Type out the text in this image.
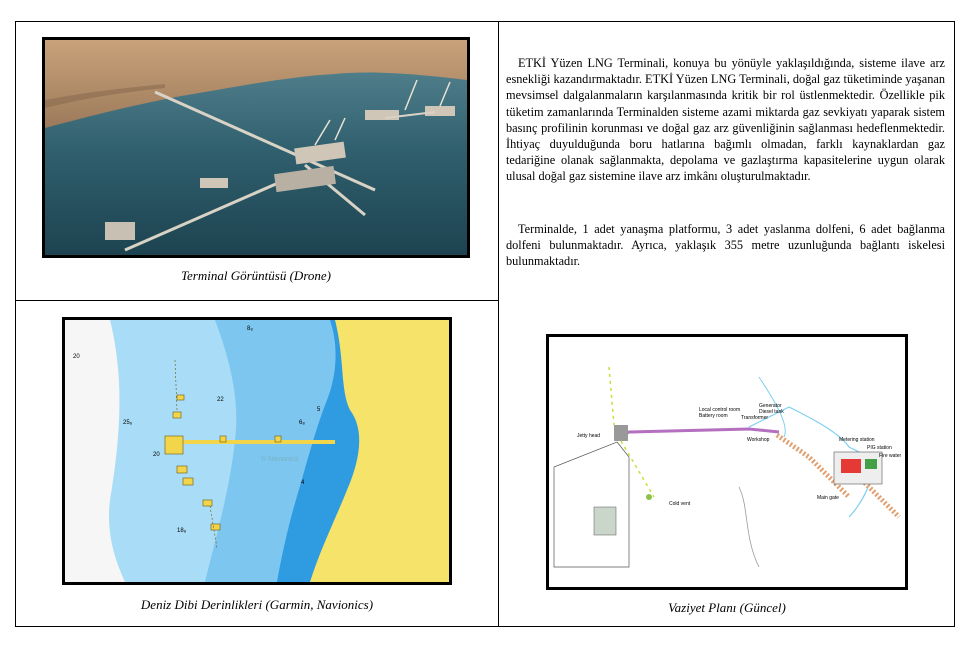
Terminal Görüntüsü (Drone)
20
25₈
20
22
18₈
8₈
6₈
5
4
© Navionics
Deniz Dibi Derinlikleri (Garmin, Navionics)

ETKİ Yüzen LNG Terminali, konuya bu yönüyle yaklaşıldığında, sisteme ilave arz esnekliği kazandırmaktadır. ETKİ Yüzen LNG Terminali, doğal gaz tüketiminde yaşanan mevsimsel dalgalanmaların karşılanmasında kritik bir rol üstlenmektedir. Özellikle pik tüketim zamanlarında Terminalden sisteme azami miktarda gaz sevkiyatı yaparak sistem basınç profilinin korunması ve doğal gaz arz güvenliğinin sağlanması hedeflenmektedir. İhtiyaç duyulduğunda boru hatlarına bağımlı olmadan, farklı kaynaklardan gaz tedariğine olanak sağlanmakta, depolama ve gazlaştırma kapasitelerine uygun olarak ulusal doğal gaz sistemine ilave arz imkânı oluşturulmaktadır.

Terminalde, 1 adet yanaşma platformu, 3 adet yaslanma dolfeni, 6 adet bağlanma dolfeni bulunmaktadır. Ayrıca, yaklaşık 355 metre uzunluğunda bağlantı iskelesi bulunmaktadır.

Jetty head
Local control room
Battery room
Generator
Diesel tank
Transformer
Workshop
Cold vent
Metering station
PIG station
Fire water
Main gate
Vaziyet Planı (Güncel)
